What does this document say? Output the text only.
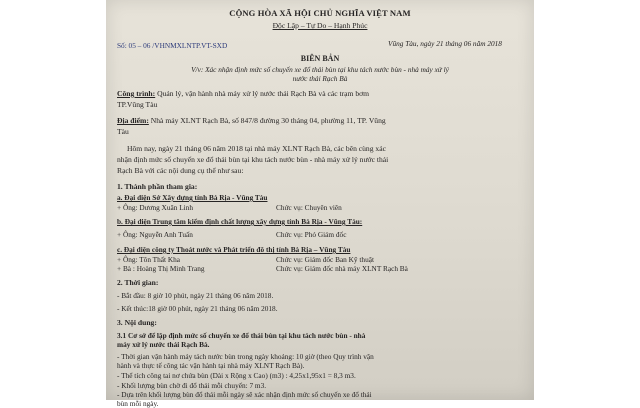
CỘNG HÒA XÃ HỘI CHỦ NGHĨA VIỆT NAM
Độc Lập – Tự Do – Hạnh Phúc
Số: 05 – 06 /VHNMXLNTP.VT-SXD	Vũng Tàu, ngày 21 tháng 06 năm 2018
BIÊN BẢN
V/v: Xác nhận định mức số chuyến xe đổ thải bùn tại khu tách nước bùn - nhà máy xử lý
nước thải Rạch Bà
Công trình: Quản lý, vận hành nhà máy xử lý nước thải Rạch Bà và các trạm bơm
TP.Vũng Tàu
Địa điểm: Nhà máy XLNT Rạch Bà, số 847/8 đường 30 tháng 04, phường 11, TP. Vũng
Tàu
Hôm nay, ngày 21 tháng 06 năm 2018 tại nhà máy XLNT Rạch Bà, các bên cùng xác
nhận định mức số chuyến xe đổ thải bùn tại khu tách nước bùn - nhà máy xử lý nước thải
Rạch Bà với các nội dung cụ thể như sau:
1. Thành phần tham gia:
a. Đại diện Sở Xây dựng tỉnh Bà Rịa - Vũng Tàu
+ Ông: Dương Xuân Linh	Chức vụ: Chuyên viên
b. Đại diện Trung tâm kiểm định chất lượng xây dựng tỉnh Bà Rịa - Vũng Tàu:
+ Ông: Nguyễn Anh Tuấn	Chức vụ: Phó Giám đốc
c. Đại diện công ty Thoát nước và Phát triển đô thị tỉnh Bà Rịa – Vũng Tàu
+ Ông: Tôn Thất Kha	Chức vụ: Giám đốc Ban Kỹ thuật
+ Bà : Hoàng Thị Minh Trang	Chức vụ: Giám đốc nhà máy XLNT Rạch Bà
2. Thời gian:
- Bắt đầu: 8 giờ 10 phút, ngày 21 tháng 06 năm 2018.
- Kết thúc:18 giờ 00 phút, ngày 21 tháng 06 năm 2018.
3. Nội dung:
3.1 Cơ sở để lập định mức số chuyến xe đổ thải bùn tại khu tách nước bùn - nhà
máy xử lý nước thải Rạch Bà.
- Thời gian vận hành máy tách nước bùn trong ngày khoảng: 10 giờ (theo Quy trình vận
hành và thực tế công tác vận hành tại nhà máy XLNT Rạch Bà).
- Thể tích công tai nơ chứa bùn (Dài x Rộng x Cao) (m3) : 4,25x1,95x1 = 8,3 m3.
- Khối lượng bùn chờ đi đổ thải mỗi chuyến: 7 m3.
- Dựa trên khối lượng bùn đổ thải mỗi ngày sẽ xác nhận định mức số chuyến xe đổ thải
bùn mỗi ngày.
